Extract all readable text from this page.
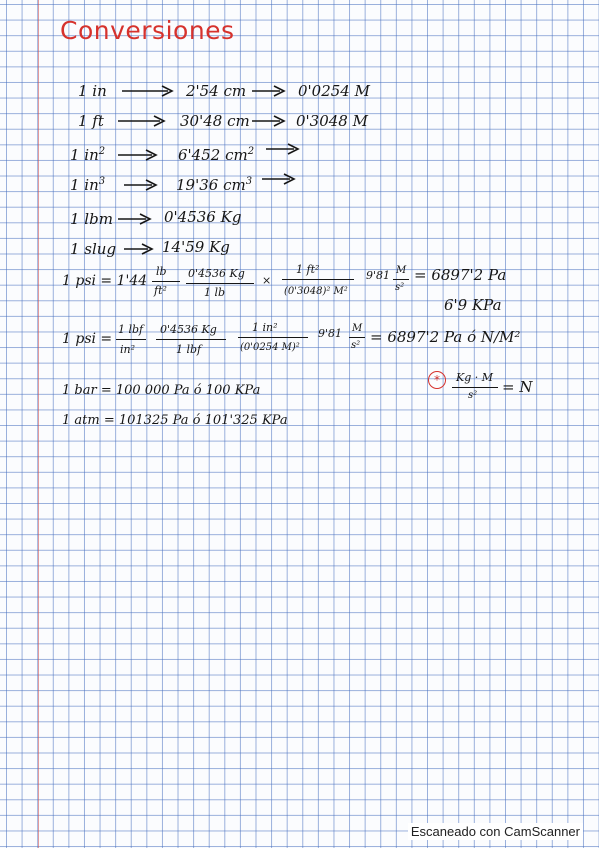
Conversiones
1 in	2'54 cm	0'0254 M
1 ft	30'48 cm	0'3048 M
1 $in^2$	6'452 $cm^2$
1 $in^3$	19'36 $cm^3$
1 lbm	0'4536 Kg
1 slug	14'59 Kg
1 psi = 1'44
lb
ft²
0'4536 Kg
1 lb
×
1 ft²
(0'3048)² M²
9'81 M
s²
= 6897'2 Pa
6'9 KPa
1 psi =
1 lbf
in²
0'4536 Kg
1 lbf
1 in²
(0'0254 M)²
9'81 M
s² = 6897'2 Pa ó N/M²
*	Kg · M
s² = N
1 bar = 100 000 Pa ó 100 KPa
1 atm = 101325 Pa ó 101'325 KPa
Escaneado con CamScanner
